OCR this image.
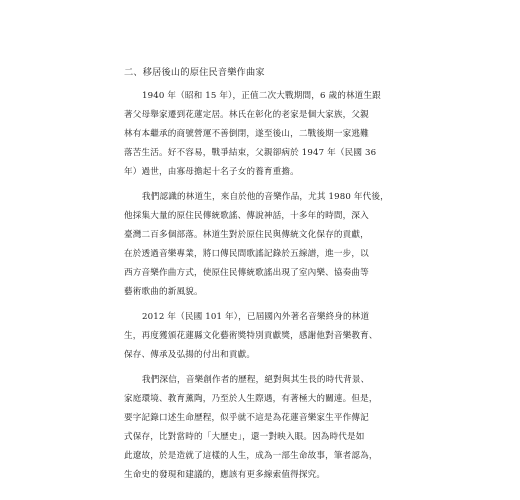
二、移居後山的原住民音樂作曲家
1940 年（昭和 15 年），正值二次大戰期間，6 歲的林道生跟
著父母舉家遷到花蓮定居。林氏在彰化的老家是個大家族，父親
林有本繼承的商號營運不善倒閉，遂至後山，二戰後期一家逃難
落苦生活。好不容易，戰爭結束，父親卻病於 1947 年（民國 36
年）過世，由寡母擔起十名子女的養育重擔。
我們認識的林道生，來自於他的音樂作品，尤其 1980 年代後，
他採集大量的原住民傳統歌謠、傳說神話，十多年的時間，深入
臺灣二百多個部落。林道生對於原住民與傳統文化保存的貢獻，
在於透過音樂專業，將口傳民間歌謠記錄於五線譜，進一步，以
西方音樂作曲方式，使原住民傳統歌謠出現了室內樂、協奏曲等
藝術歌曲的新風貌。
2012 年（民國 101 年），已屆國內外著名音樂終身的林道
生，再度獲頒花蓮縣文化藝術獎特別貢獻獎，感謝他對音樂教育、
保存、傳承及弘揚的付出和貢獻。
我們深信，音樂創作者的歷程，絕對與其生長的時代背景、
家庭環境、教育薰陶，乃至於人生際遇，有著極大的關連。但是，
要字記錄口述生命歷程，似乎就不這是為花蓮音樂家生平作傳記
式保存，比對當時的「大歷史」，還一對映入眼。因為時代是如
此遼故，於是造就了這樣的人生，成為一部生命故事，筆者認為，
生命史的發現和建議的，應該有更多線索值得探究。
